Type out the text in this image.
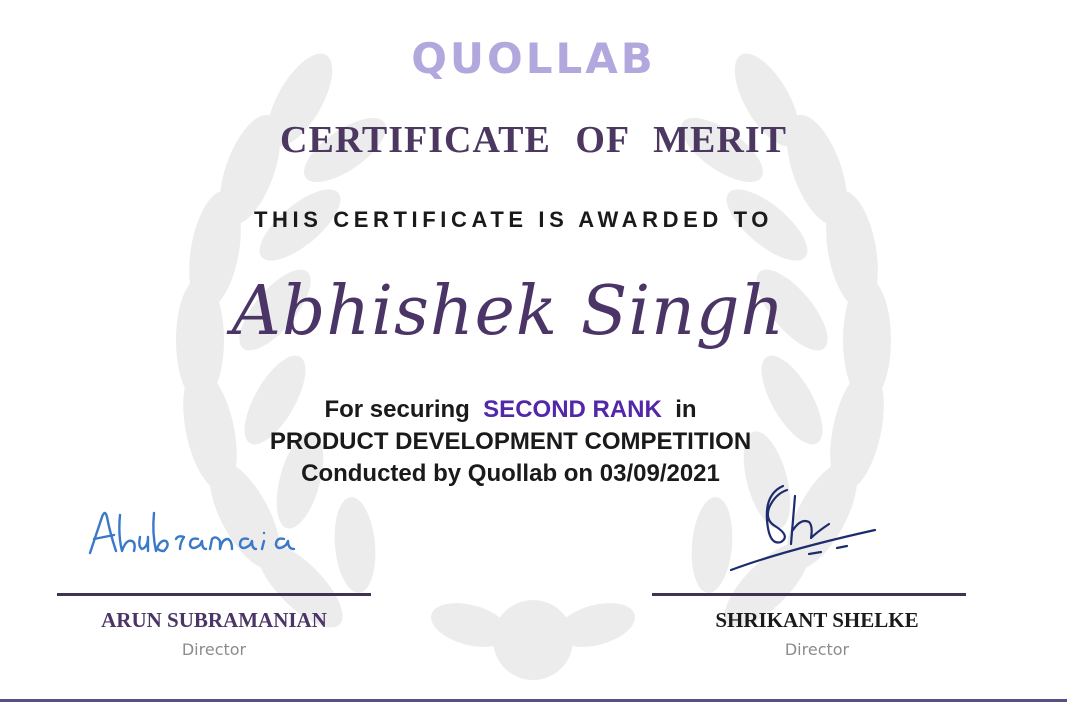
QUOLLAB
CERTIFICATE OF MERIT
THIS CERTIFICATE IS AWARDED TO
Abhishek Singh
For securing SECOND RANK in
PRODUCT DEVELOPMENT COMPETITION
Conducted by Quollab on 03/09/2021
ARUN SUBRAMANIAN
Director
SHRIKANT SHELKE
Director
